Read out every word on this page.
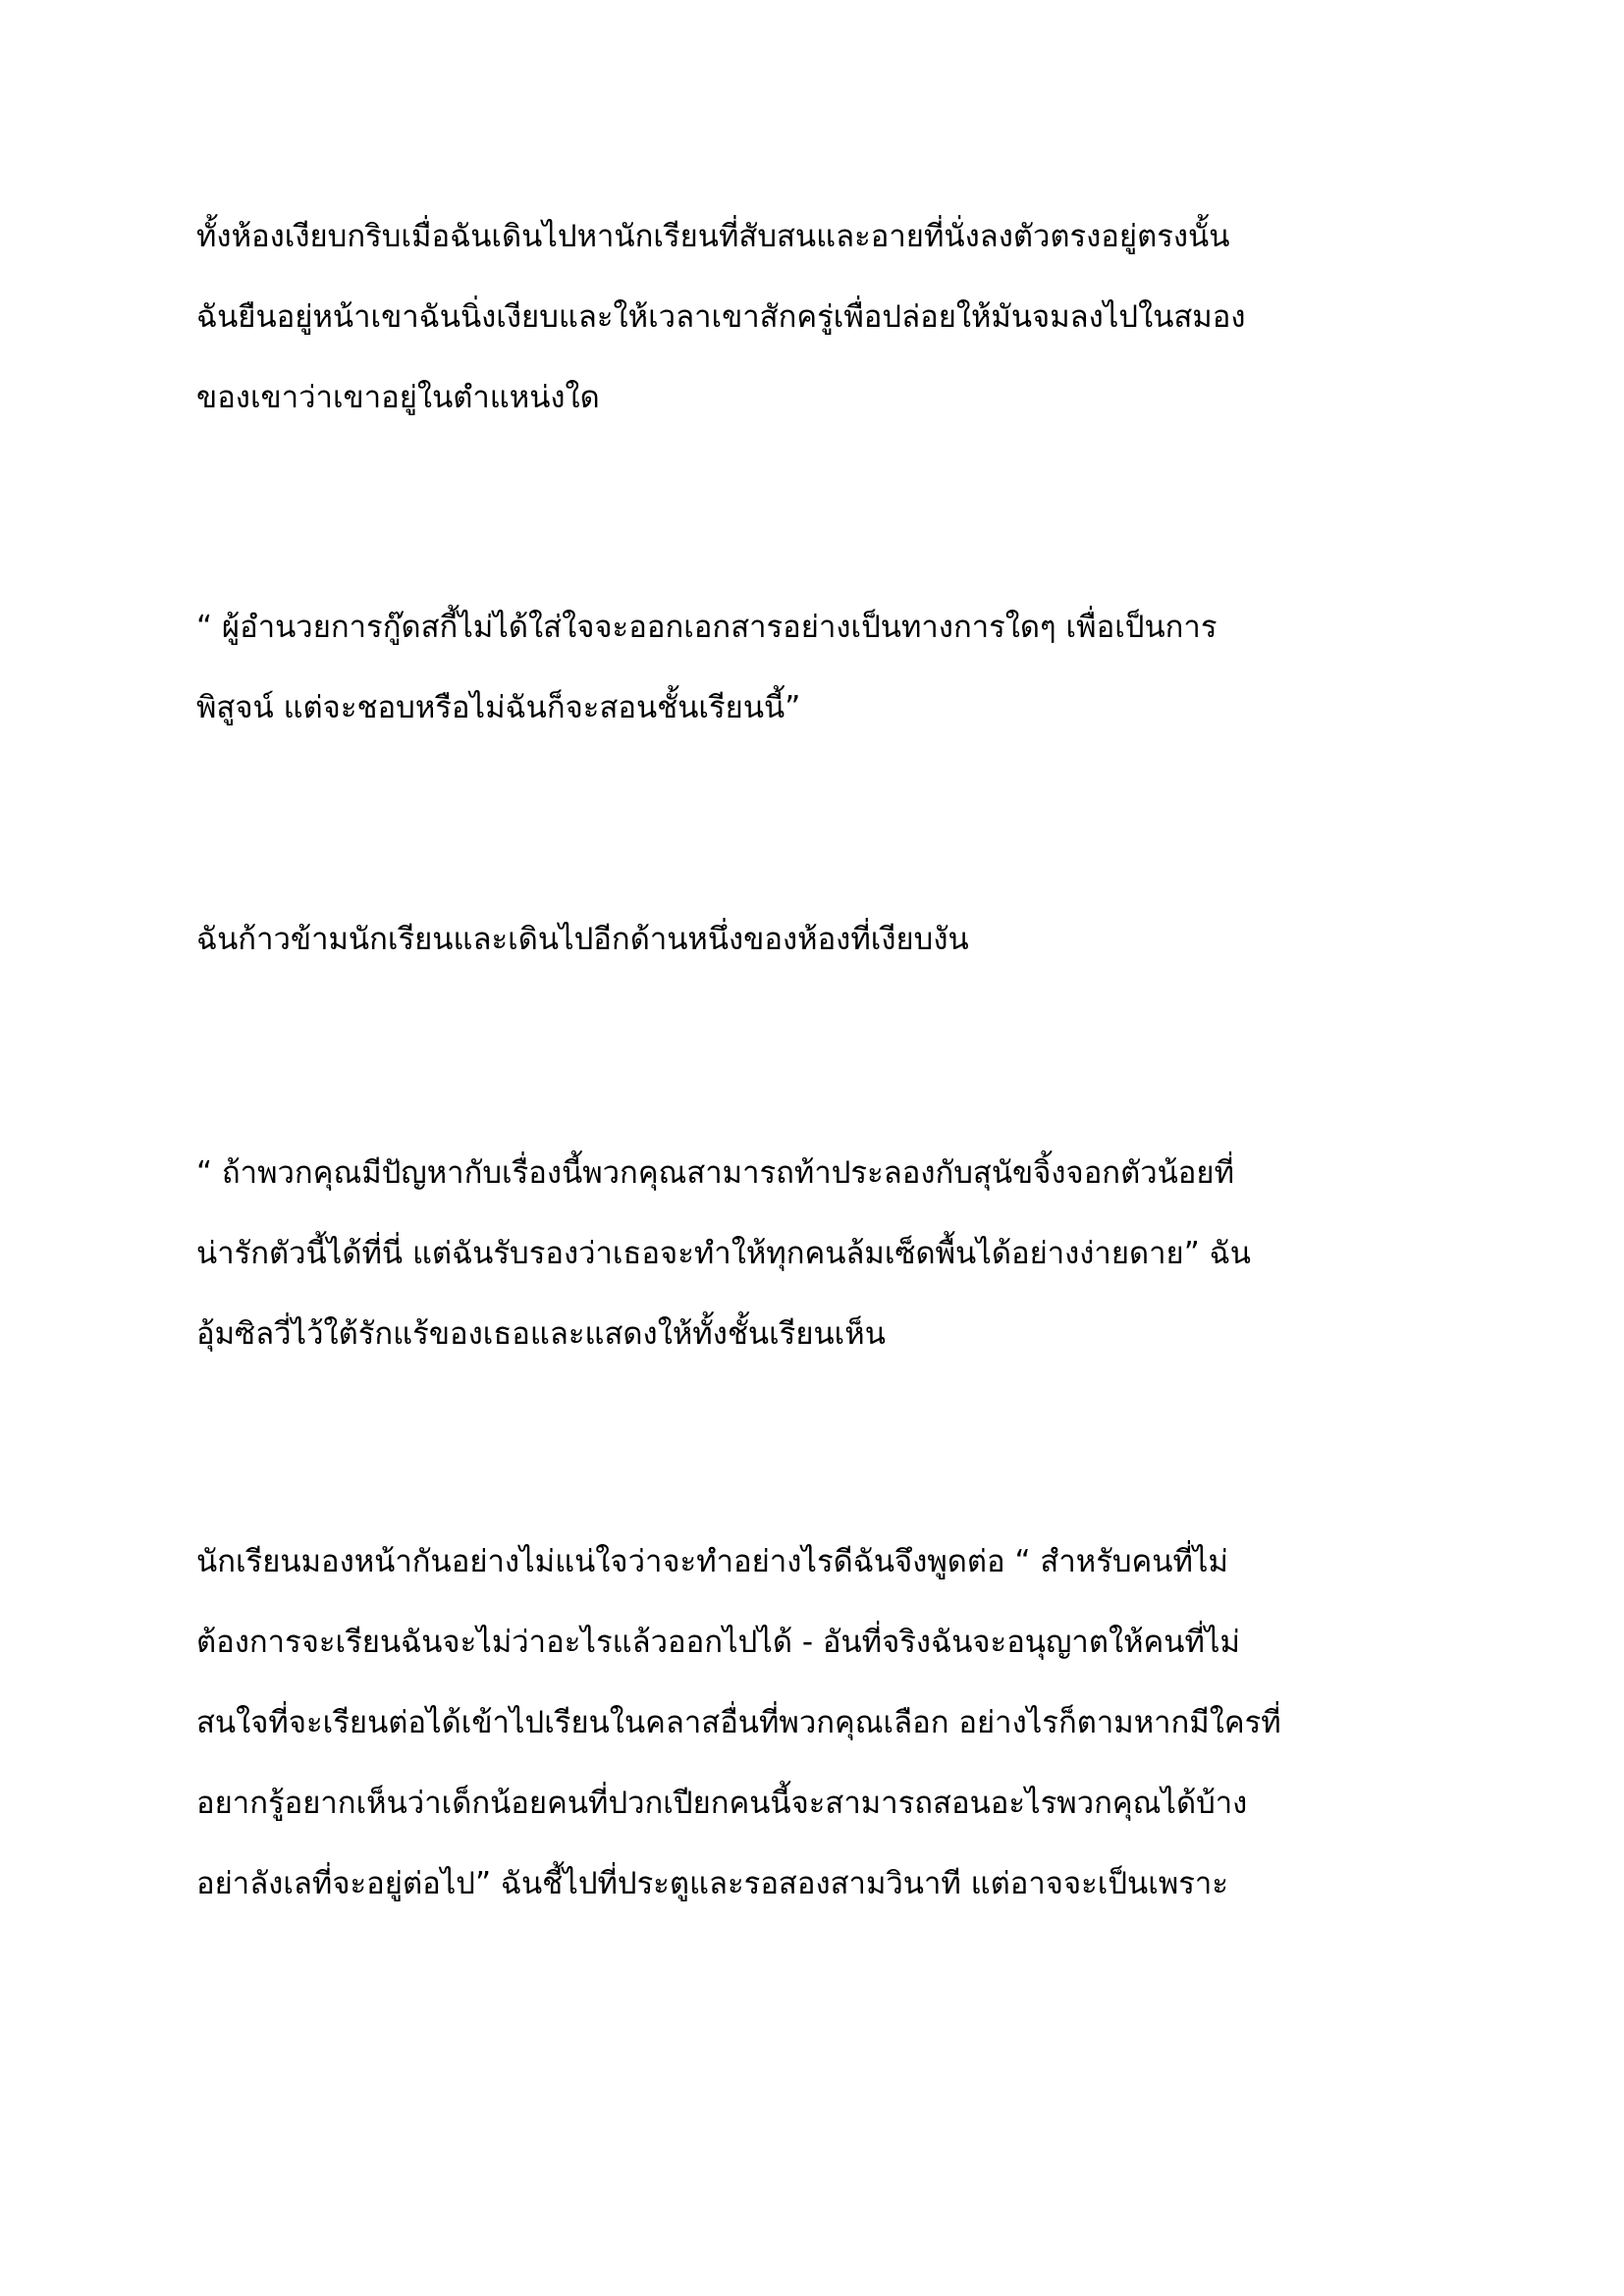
ทั้งห้องเงียบกริบเมื่อฉันเดินไปหานักเรียนที่สับสนและอายที่นั่งลงตัวตรงอยู่ตรงนั้น
ฉันยืนอยู่หน้าเขาฉันนิ่งเงียบและให้เวลาเขาสักครู่เพื่อปล่อยให้มันจมลงไปในสมอง
ของเขาว่าเขาอยู่ในตำแหน่งใด
“ ผู้อำนวยการกู๊ดสกี้ไม่ได้ใส่ใจจะออกเอกสารอย่างเป็นทางการใดๆ เพื่อเป็นการ
พิสูจน์ แต่จะชอบหรือไม่ฉันก็จะสอนชั้นเรียนนี้”
ฉันก้าวข้ามนักเรียนและเดินไปอีกด้านหนึ่งของห้องที่เงียบงัน
“ ถ้าพวกคุณมีปัญหากับเรื่องนี้พวกคุณสามารถท้าประลองกับสุนัขจิ้งจอกตัวน้อยที่
น่ารักตัวนี้ได้ที่นี่ แต่ฉันรับรองว่าเธอจะทำให้ทุกคนล้มเซ็ดพื้นได้อย่างง่ายดาย” ฉัน
อุ้มซิลวี่ไว้ใต้รักแร้ของเธอและแสดงให้ทั้งชั้นเรียนเห็น
นักเรียนมองหน้ากันอย่างไม่แน่ใจว่าจะทำอย่างไรดีฉันจึงพูดต่อ “ สำหรับคนที่ไม่
ต้องการจะเรียนฉันจะไม่ว่าอะไรแล้วออกไปได้ - อันที่จริงฉันจะอนุญาตให้คนที่ไม่
สนใจที่จะเรียนต่อได้เข้าไปเรียนในคลาสอื่นที่พวกคุณเลือก อย่างไรก็ตามหากมีใครที่
อยากรู้อยากเห็นว่าเด็กน้อยคนที่ปวกเปียกคนนี้จะสามารถสอนอะไรพวกคุณได้บ้าง
อย่าลังเลที่จะอยู่ต่อไป” ฉันชี้ไปที่ประตูและรอสองสามวินาที แต่อาจจะเป็นเพราะ
